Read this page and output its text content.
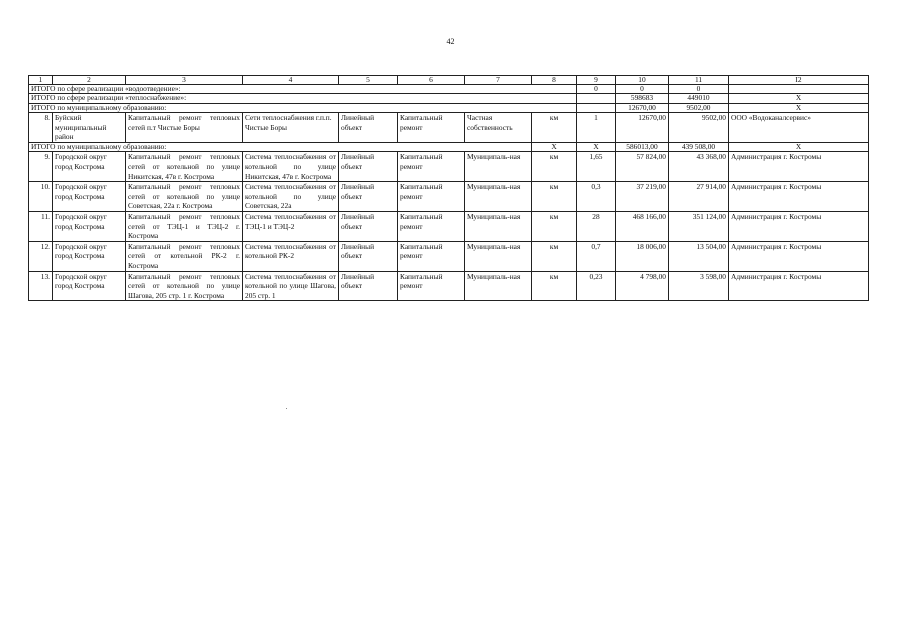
42
1	2	3	4	5	6	7	8	9	10	11	I2
ИТОГО по сфере реализации «водоотведение»:								0	0	0	
ИТОГО по сфере реализации «теплоснабжение»:									598683	449010	X
ИТОГО по муниципальному образованию:									12670,00	9502,00	X
8.	Буйский муниципальный район	Капитальный ремонт тепловых сетей п.т Чистые Боры	Сети теплоснабжения г.п.п. Чистые Боры	Линейный объект	Капитальный ремонт	Частная собственность	км	1	12670,00	9502,00	ООО «Водоканалсервис»
ИТОГО по муниципальному образованию:							X	X	586013,00	439 508,00	X
9.	Городской округ город Кострома	Капитальный ремонт тепловых сетей от котельной по улице Никитская, 47в г. Кострома	Система теплоснабжения от котельной по улице Никитская, 47в г. Кострома	Линейный объект	Капитальный ремонт	Муниципаль-ная	км	1,65	57 824,00	43 368,00	Администрация г. Костромы
10.	Городской округ город Кострома	Капитальный ремонт тепловых сетей от котельной по улице Советская, 22а г. Кострома	Система теплоснабжения от котельной по улице Советская, 22а	Линейный объект	Капитальный ремонт	Муниципаль-ная	км	0,3	37 219,00	27 914,00	Администрация г. Костромы
11.	Городской округ город Кострома	Капитальный ремонт тепловых сетей от ТЭЦ-1 и ТЭЦ-2 г. Кострома	Система теплоснабжения от ТЭЦ-1 и ТЭЦ-2	Линейный объект	Капитальный ремонт	Муниципаль-ная	км	28	468 166,00	351 124,00	Администрация г. Костромы
12.	Городской округ город Кострома	Капитальный ремонт тепловых сетей от котельной РК-2 г. Кострома	Система теплоснабжения от котельной РК-2	Линейный объект	Капитальный ремонт	Муниципаль-ная	км	0,7	18 006,00	13 504,00	Администрация г. Костромы
13.	Городской округ город Кострома	Капитальный ремонт тепловых сетей от котельной по улице Шагова, 205 стр. 1 г. Кострома	Система теплоснабжения от котельной по улице Шагова, 205 стр. 1	Линейный объект	Капитальный ремонт	Муниципаль-ная	км	0,23	4 798,00	3 598,00	Администрация г. Костромы
